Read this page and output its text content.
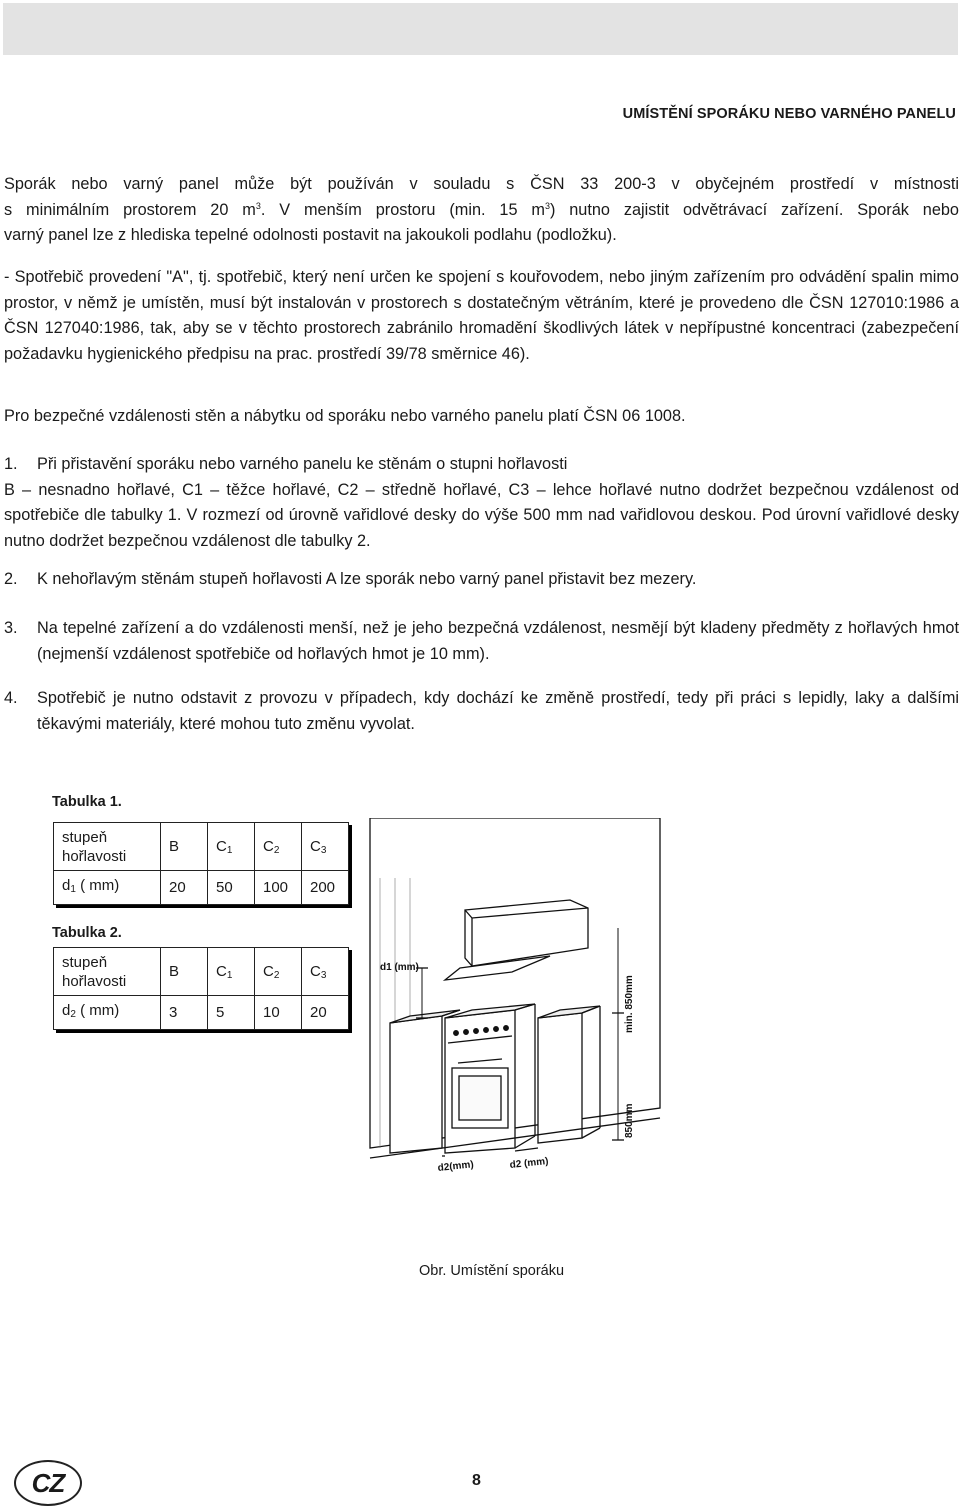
UMÍSTĚNÍ SPORÁKU NEBO VARNÉHO PANELU
Sporák nebo varný panel může být používán v souladu s ČSN 33 200-3 v obyčejném prostředí v místnosti
s minimálním prostorem 20 $m^3$. V menším prostoru (min. 15 $m^3$) nutno zajistit odvětrávací zařízení. Sporák nebo
varný panel lze z hlediska tepelné odolnosti postavit na jakoukoli podlahu (podložku).
- Spotřebič provedení "A", tj. spotřebič, který není určen ke spojení s kouřovodem, nebo jiným zařízením pro odvádění spalin mimo prostor, v němž je umístěn, musí být instalován v prostorech s dostatečným větráním, které je provedeno dle ČSN 127010:1986 a ČSN 127040:1986, tak, aby se v těchto prostorech zabránilo hromadění škodlivých látek v nepřípustné koncentraci (zabezpečení požadavku hygienického předpisu na prac. prostředí 39/78 směrnice 46).
Pro bezpečné vzdálenosti stěn a nábytku od sporáku nebo varného panelu platí ČSN 06 1008.
1. Při přistavění sporáku nebo varného panelu ke stěnám o stupni hořlavosti
B – nesnadno hořlavé, C1 – těžce hořlavé, C2 – středně hořlavé, C3 – lehce hořlavé nutno dodržet bezpečnou vzdálenost od spotřebiče dle tabulky 1. V rozmezí od úrovně vařidlové desky do výše 500 mm nad vařidlovou deskou. Pod úrovní vařidlové desky nutno dodržet bezpečnou vzdálenost dle tabulky 2.
2. K nehořlavým stěnám stupeň hořlavosti A lze sporák nebo varný panel přistavit bez mezery.
3. Na tepelné zařízení a do vzdálenosti menší, než je jeho bezpečná vzdálenost, nesmějí být kladeny předměty z hořlavých hmot (nejmenší vzdálenost spotřebiče od hořlavých hmot je 10 mm).
4. Spotřebič je nutno odstavit z provozu v případech, kdy dochází ke změně prostředí, tedy při práci s lepidly, laky a dalšími těkavými materiály, které mohou tuto změnu vyvolat.
Tabulka 1.
stupeň
hořlavosti	B	$C_1$	$C_2$	$C_3$
$d_1$ ( mm)	20	50	100	200
Tabulka 2.
stupeň
hořlavosti	B	$C_1$	$C_2$	$C_3$
$d_2$ ( mm)	3	5	10	20
d1 (mm)
min. 850mm
850mm
d2(mm)	d2 (mm)
Obr. Umístění sporáku
CZ	8
